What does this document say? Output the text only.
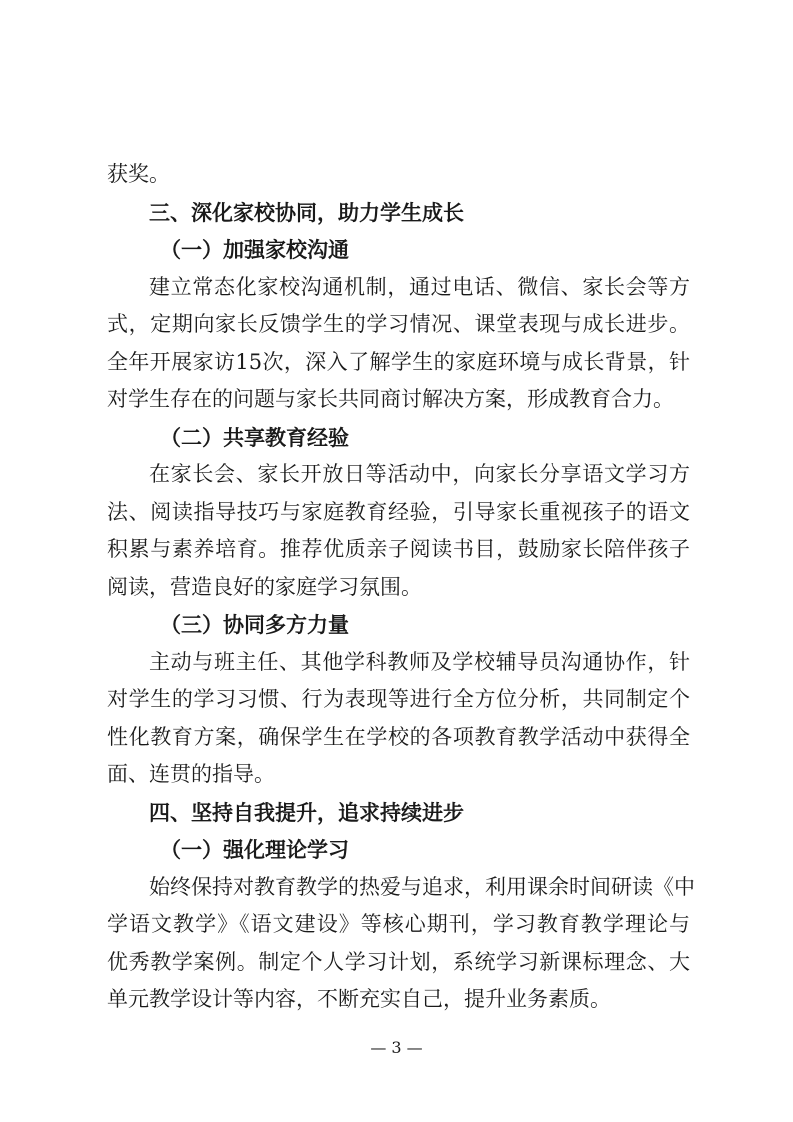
获奖。
三、深化家校协同，助力学生成长
（一）加强家校沟通
建立常态化家校沟通机制，通过电话、微信、家长会等方
式，定期向家长反馈学生的学习情况、课堂表现与成长进步。
全年开展家访15次，深入了解学生的家庭环境与成长背景，针
对学生存在的问题与家长共同商讨解决方案，形成教育合力。
（二）共享教育经验
在家长会、家长开放日等活动中，向家长分享语文学习方
法、阅读指导技巧与家庭教育经验，引导家长重视孩子的语文
积累与素养培育。推荐优质亲子阅读书目，鼓励家长陪伴孩子
阅读，营造良好的家庭学习氛围。
（三）协同多方力量
主动与班主任、其他学科教师及学校辅导员沟通协作，针
对学生的学习习惯、行为表现等进行全方位分析，共同制定个
性化教育方案，确保学生在学校的各项教育教学活动中获得全
面、连贯的指导。
四、坚持自我提升，追求持续进步
（一）强化理论学习
始终保持对教育教学的热爱与追求，利用课余时间研读《中
学语文教学》《语文建设》等核心期刊，学习教育教学理论与
优秀教学案例。制定个人学习计划，系统学习新课标理念、大
单元教学设计等内容，不断充实自己，提升业务素质。
— 3 —
